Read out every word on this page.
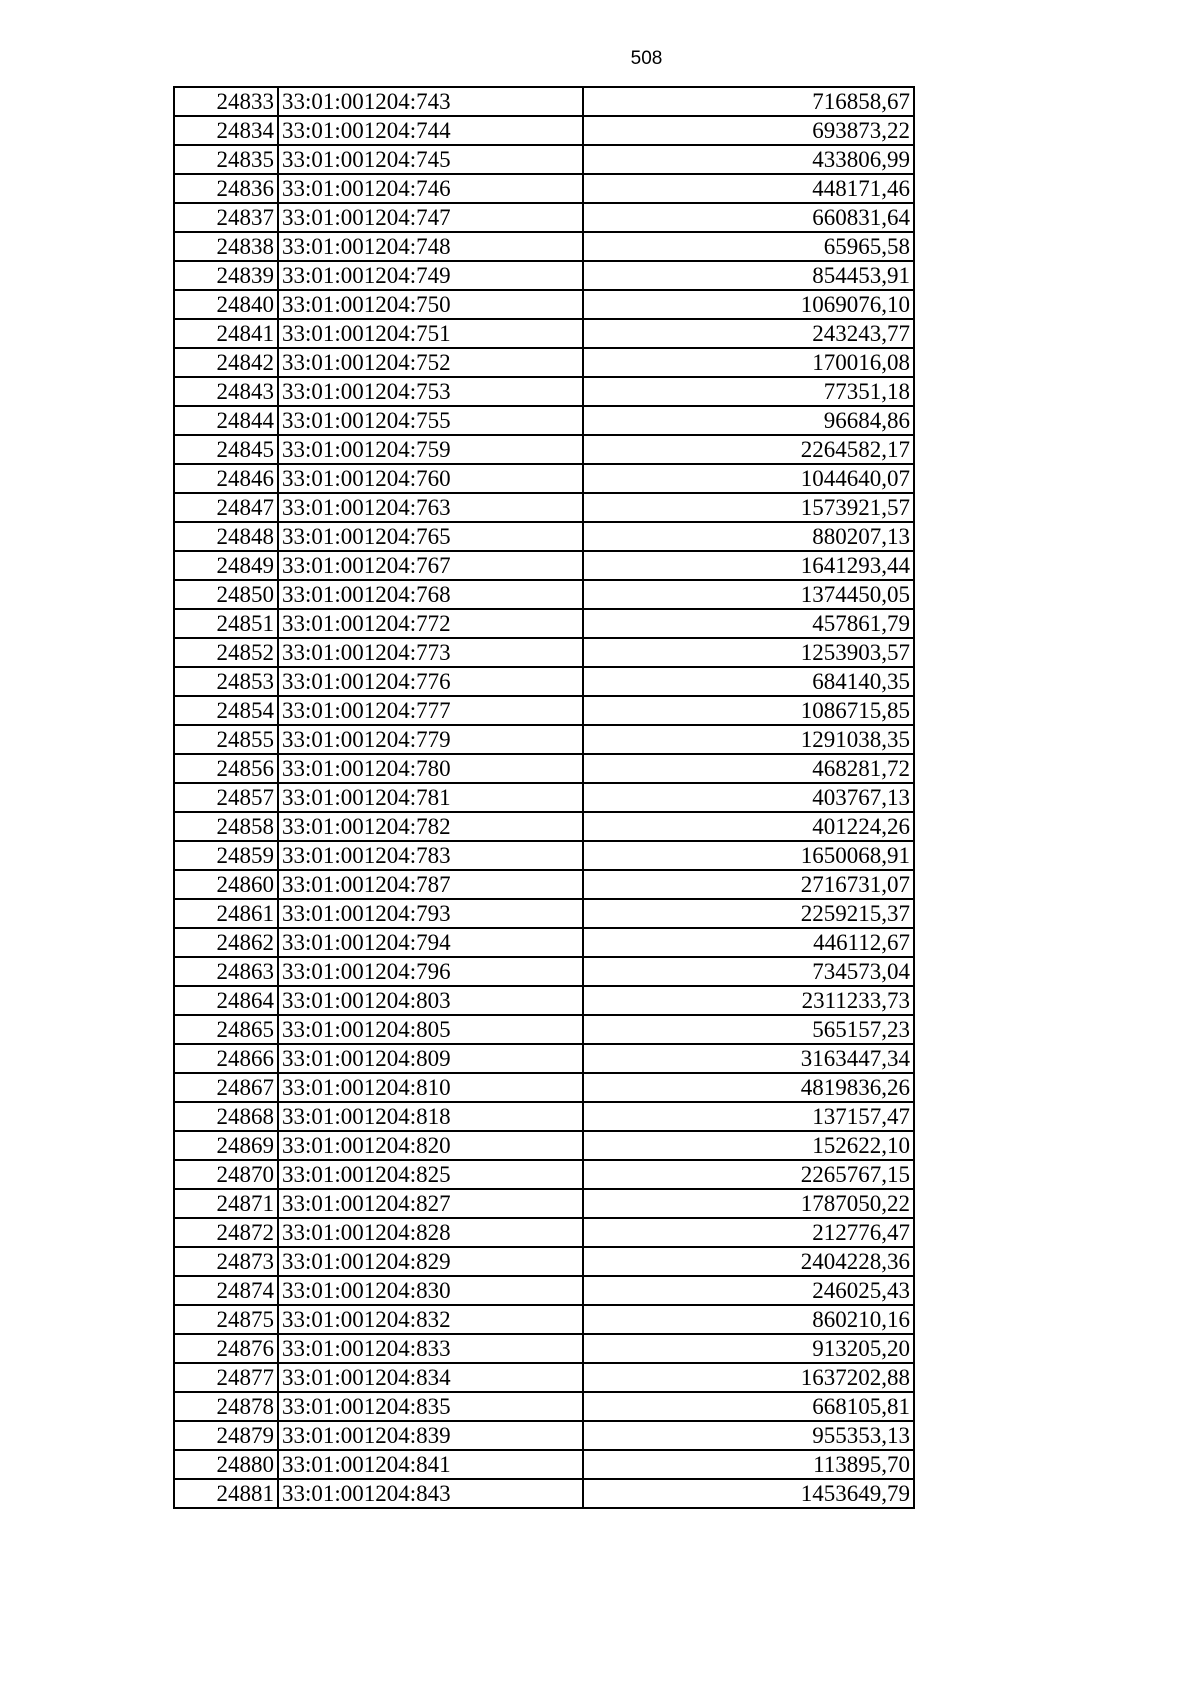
508
24833	33:01:001204:743	716858,67
24834	33:01:001204:744	693873,22
24835	33:01:001204:745	433806,99
24836	33:01:001204:746	448171,46
24837	33:01:001204:747	660831,64
24838	33:01:001204:748	65965,58
24839	33:01:001204:749	854453,91
24840	33:01:001204:750	1069076,10
24841	33:01:001204:751	243243,77
24842	33:01:001204:752	170016,08
24843	33:01:001204:753	77351,18
24844	33:01:001204:755	96684,86
24845	33:01:001204:759	2264582,17
24846	33:01:001204:760	1044640,07
24847	33:01:001204:763	1573921,57
24848	33:01:001204:765	880207,13
24849	33:01:001204:767	1641293,44
24850	33:01:001204:768	1374450,05
24851	33:01:001204:772	457861,79
24852	33:01:001204:773	1253903,57
24853	33:01:001204:776	684140,35
24854	33:01:001204:777	1086715,85
24855	33:01:001204:779	1291038,35
24856	33:01:001204:780	468281,72
24857	33:01:001204:781	403767,13
24858	33:01:001204:782	401224,26
24859	33:01:001204:783	1650068,91
24860	33:01:001204:787	2716731,07
24861	33:01:001204:793	2259215,37
24862	33:01:001204:794	446112,67
24863	33:01:001204:796	734573,04
24864	33:01:001204:803	2311233,73
24865	33:01:001204:805	565157,23
24866	33:01:001204:809	3163447,34
24867	33:01:001204:810	4819836,26
24868	33:01:001204:818	137157,47
24869	33:01:001204:820	152622,10
24870	33:01:001204:825	2265767,15
24871	33:01:001204:827	1787050,22
24872	33:01:001204:828	212776,47
24873	33:01:001204:829	2404228,36
24874	33:01:001204:830	246025,43
24875	33:01:001204:832	860210,16
24876	33:01:001204:833	913205,20
24877	33:01:001204:834	1637202,88
24878	33:01:001204:835	668105,81
24879	33:01:001204:839	955353,13
24880	33:01:001204:841	113895,70
24881	33:01:001204:843	1453649,79
